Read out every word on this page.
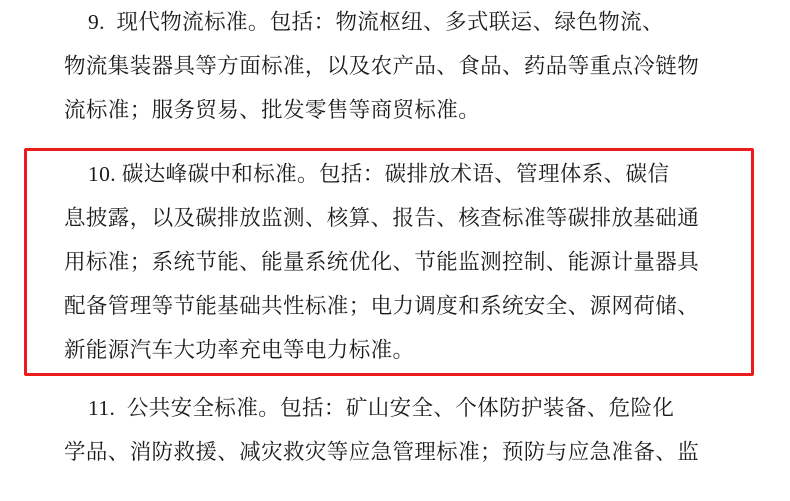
9.  现代物流标准。包括：物流枢纽、多式联运、绿色物流、
物流集装器具等方面标准，以及农产品、食品、药品等重点冷链物
流标准；服务贸易、批发零售等商贸标准。
10. 碳达峰碳中和标准。包括：碳排放术语、管理体系、碳信
息披露，以及碳排放监测、核算、报告、核查标准等碳排放基础通
用标准；系统节能、能量系统优化、节能监测控制、能源计量器具
配备管理等节能基础共性标准；电力调度和系统安全、源网荷储、
新能源汽车大功率充电等电力标准。
11.  公共安全标准。包括：矿山安全、个体防护装备、危险化
学品、消防救援、减灾救灾等应急管理标准；预防与应急准备、监
